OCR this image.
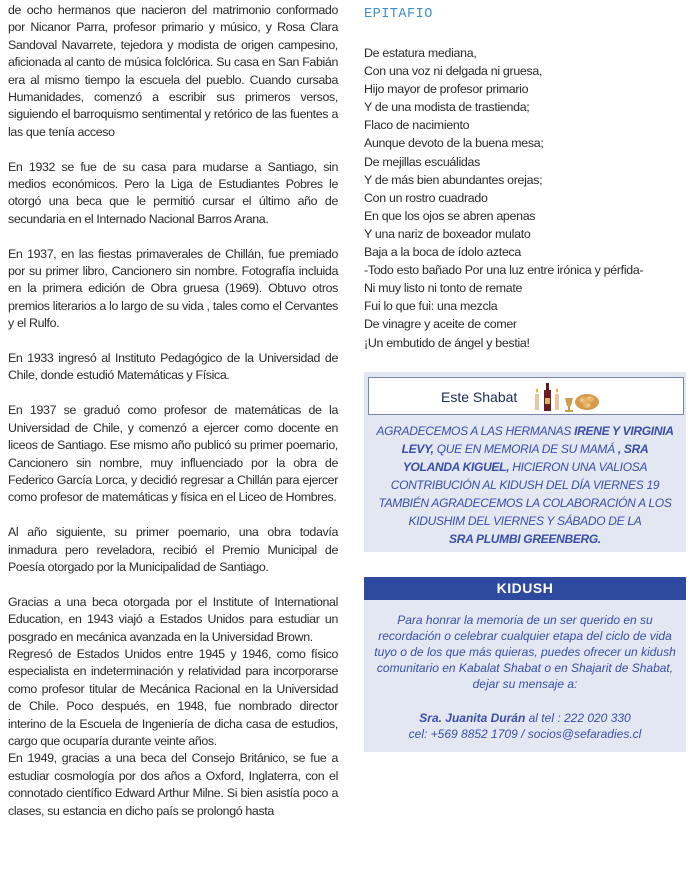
de ocho hermanos que nacieron del matrimonio conformado por Nicanor Parra, profesor primario y músico, y Rosa Clara Sandoval Navarrete, tejedora y modista de origen campesino, aficionada al canto de música folclórica. Su casa en San Fabián era al mismo tiempo la escuela del pueblo. Cuando cursaba Humanidades, comenzó a escribir sus primeros versos, siguiendo el barroquismo sentimental y retórico de las fuentes a las que tenía acceso

En 1932 se fue de su casa para mudarse a Santiago, sin medios económicos. Pero la Liga de Estudiantes Pobres le otorgó una beca que le permitió cursar el último año de secundaria en el Internado Nacional Barros Arana.

En 1937, en las fiestas primaverales de Chillán, fue premiado por su primer libro, Cancionero sin nombre. Fotografía incluida en la primera edición de Obra gruesa (1969). Obtuvo otros premios literarios a lo largo de su vida , tales como el Cervantes y el Rulfo.

En 1933 ingresó al Instituto Pedagógico de la Universidad de Chile, donde estudió Matemáticas y Física.

En 1937 se graduó como profesor de matemáticas de la Universidad de Chile, y comenzó a ejercer como docente en liceos de Santiago. Ese mismo año publicó su primer poemario, Cancionero sin nombre, muy influenciado por la obra de Federico García Lorca, y decidió regresar a Chillán para ejercer como profesor de matemáticas y física en el Liceo de Hombres.

Al año siguiente, su primer poemario, una obra todavía inmadura pero reveladora, recibió el Premio Municipal de Poesía otorgado por la Municipalidad de Santiago.

Gracias a una beca otorgada por el Institute of International Education, en 1943 viajó a Estados Unidos para estudiar un posgrado en mecánica avanzada en la Universidad Brown.

Regresó de Estados Unidos entre 1945 y 1946, como físico especialista en indeterminación y relatividad para incorporarse como profesor titular de Mecánica Racional en la Universidad de Chile. Poco después, en 1948, fue nombrado director interino de la Escuela de Ingeniería de dicha casa de estudios, cargo que ocuparía durante veinte años.

En 1949, gracias a una beca del Consejo Británico, se fue a estudiar cosmología por dos años a Oxford, Inglaterra, con el connotado científico Edward Arthur Milne. Si bien asistía poco a clases, su estancia en dicho país se prolongó hasta

EPITAFIO
De estatura mediana,
Con una voz ni delgada ni gruesa,
Hijo mayor de profesor primario
Y de una modista de trastienda;
Flaco de nacimiento
Aunque devoto de la buena mesa;
De mejillas escuálidas
Y de más bien abundantes orejas;
Con un rostro cuadrado
En que los ojos se abren apenas
Y una nariz de boxeador mulato
Baja a la boca de ídolo azteca
-Todo esto bañado Por una luz entre irónica y pérfida-
Ni muy listo ni tonto de remate
Fui lo que fui: una mezcla
De vinagre y aceite de comer
¡Un embutido de ángel y bestia!
Este Shabat
AGRADECEMOS A LAS HERMANAS IRENE Y VIRGINIA LEVY, QUE EN MEMORIA DE SU MAMÁ , SRA YOLANDA KIGUEL, HICIERON UNA VALIOSA CONTRIBUCIÓN AL KIDUSH DEL DÍA VIERNES 19 TAMBIÉN AGRADECEMOS LA COLABORACIÓN A LOS KIDUSHIM DEL VIERNES Y SÁBADO DE LA
SRA PLUMBI GREENBERG.
KIDUSH
Para honrar la memoria de un ser querido en su recordación o celebrar cualquier etapa del ciclo de vida tuyo o de los que más quieras, puedes ofrecer un kidush comunitario en Kabalat Shabat o en Shajarit de Shabat, dejar su mensaje a:
Sra. Juanita Durán al tel : 222 020 330
cel: +569 8852 1709 / socios@sefaradies.cl
